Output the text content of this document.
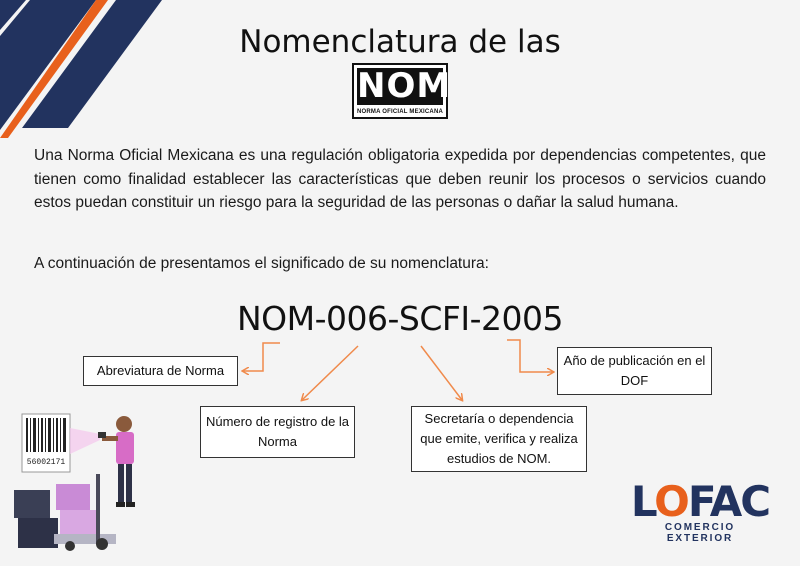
Nomenclatura de las
NOM
NORMA OFICIAL MEXICANA

Una Norma Oficial Mexicana es una regulación obligatoria expedida por dependencias competentes, que tienen como finalidad establecer las características que deben reunir los procesos o servicios cuando estos puedan constituir un riesgo para la seguridad de las personas o dañar la salud humana.

A continuación de presentamos el significado de su nomenclatura:

NOM-006-SCFI-2005
Abreviatura de Norma
Número de registro de la Norma
Secretaría o dependencia que emite, verifica y realiza estudios de NOM.
Año de publicación en el DOF
56002171
LOFAC
COMERCIO EXTERIOR
